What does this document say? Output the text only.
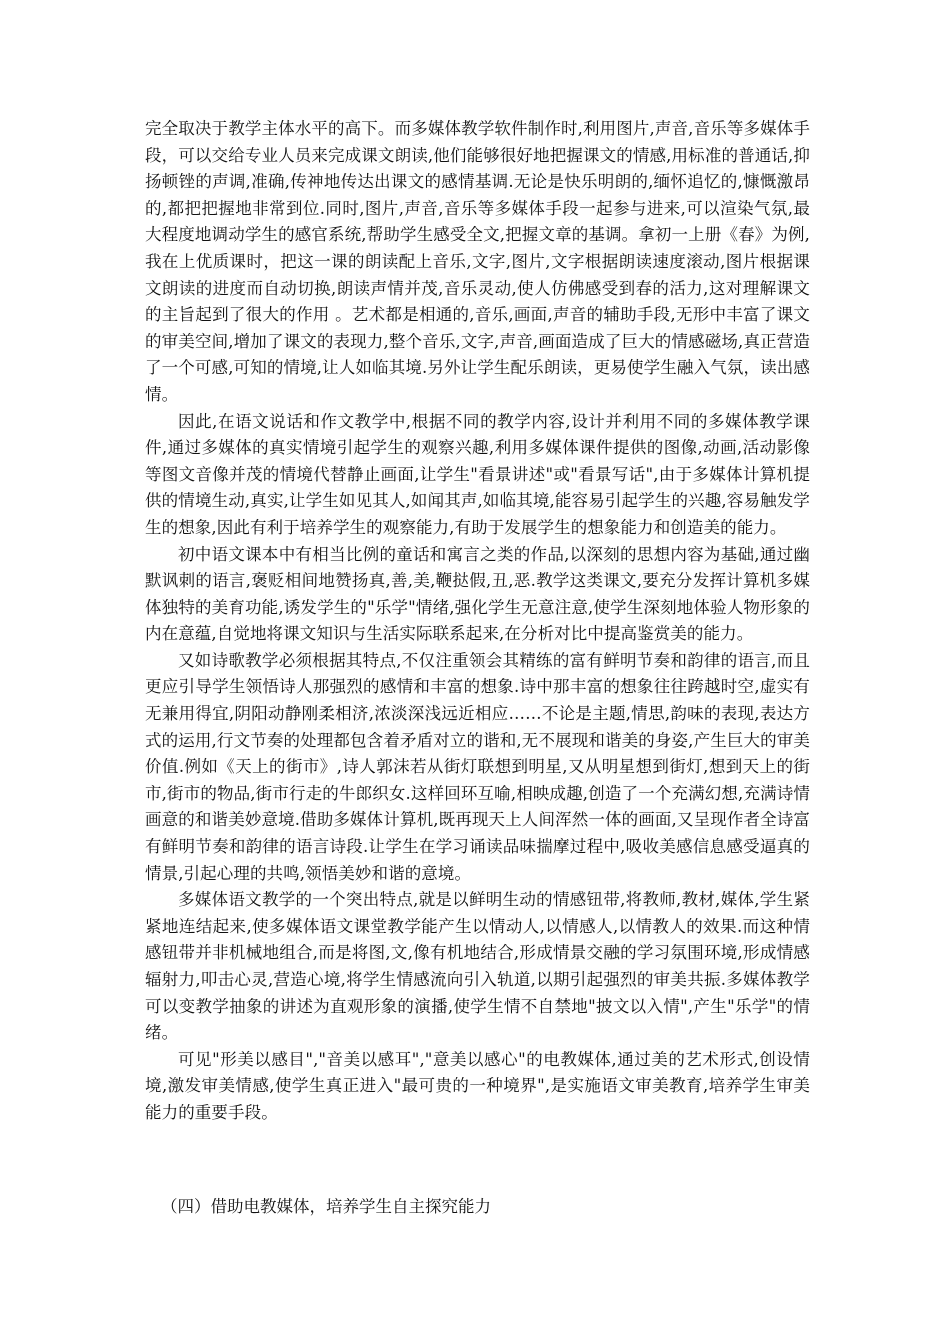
完全取决于教学主体水平的高下。而多媒体教学软件制作时,利用图片,声音,音乐等多媒体手段，可以交给专业人员来完成课文朗读,他们能够很好地把握课文的情感,用标准的普通话,抑扬顿锉的声调,准确,传神地传达出课文的感情基调.无论是快乐明朗的,缅怀追忆的,慷慨激昂的,都把把握地非常到位.同时,图片,声音,音乐等多媒体手段一起参与进来,可以渲染气氛,最大程度地调动学生的感官系统,帮助学生感受全文,把握文章的基调。拿初一上册《春》为例,我在上优质课时，把这一课的朗读配上音乐,文字,图片,文字根据朗读速度滚动,图片根据课文朗读的进度而自动切换,朗读声情并茂,音乐灵动,使人仿佛感受到春的活力,这对理解课文的主旨起到了很大的作用 。艺术都是相通的,音乐,画面,声音的辅助手段,无形中丰富了课文的审美空间,增加了课文的表现力,整个音乐,文字,声音,画面造成了巨大的情感磁场,真正营造了一个可感,可知的情境,让人如临其境.另外让学生配乐朗读，更易使学生融入气氛，读出感情。

因此,在语文说话和作文教学中,根据不同的教学内容,设计并利用不同的多媒体教学课件,通过多媒体的真实情境引起学生的观察兴趣,利用多媒体课件提供的图像,动画,活动影像等图文音像并茂的情境代替静止画面,让学生"看景讲述"或"看景写话",由于多媒体计算机提供的情境生动,真实,让学生如见其人,如闻其声,如临其境,能容易引起学生的兴趣,容易触发学生的想象,因此有利于培养学生的观察能力,有助于发展学生的想象能力和创造美的能力。

初中语文课本中有相当比例的童话和寓言之类的作品,以深刻的思想内容为基础,通过幽默讽刺的语言,褒贬相间地赞扬真,善,美,鞭挞假,丑,恶.教学这类课文,要充分发挥计算机多媒体独特的美育功能,诱发学生的"乐学"情绪,强化学生无意注意,使学生深刻地体验人物形象的内在意蕴,自觉地将课文知识与生活实际联系起来,在分析对比中提高鉴赏美的能力。

又如诗歌教学必须根据其特点,不仅注重领会其精练的富有鲜明节奏和韵律的语言,而且更应引导学生领悟诗人那强烈的感情和丰富的想象.诗中那丰富的想象往往跨越时空,虚实有无兼用得宜,阴阳动静刚柔相济,浓淡深浅远近相应……不论是主题,情思,韵味的表现,表达方式的运用,行文节奏的处理都包含着矛盾对立的谐和,无不展现和谐美的身姿,产生巨大的审美价值.例如《天上的街市》,诗人郭沫若从街灯联想到明星,又从明星想到街灯,想到天上的街市,街市的物品,街市行走的牛郎织女.这样回环互喻,相映成趣,创造了一个充满幻想,充满诗情画意的和谐美妙意境.借助多媒体计算机,既再现天上人间浑然一体的画面,又呈现作者全诗富有鲜明节奏和韵律的语言诗段.让学生在学习诵读品味揣摩过程中,吸收美感信息感受逼真的情景,引起心理的共鸣,领悟美妙和谐的意境。

多媒体语文教学的一个突出特点,就是以鲜明生动的情感钮带,将教师,教材,媒体,学生紧紧地连结起来,使多媒体语文课堂教学能产生以情动人,以情感人,以情教人的效果.而这种情感钮带并非机械地组合,而是将图,文,像有机地结合,形成情景交融的学习氛围环境,形成情感辐射力,叩击心灵,营造心境,将学生情感流向引入轨道,以期引起强烈的审美共振.多媒体教学可以变教学抽象的讲述为直观形象的演播,使学生情不自禁地"披文以入情",产生"乐学"的情绪。

可见"形美以感目","音美以感耳","意美以感心"的电教媒体,通过美的艺术形式,创设情境,激发审美情感,使学生真正进入"最可贵的一种境界",是实施语文审美教育,培养学生审美能力的重要手段。

（四）借助电教媒体，培养学生自主探究能力
